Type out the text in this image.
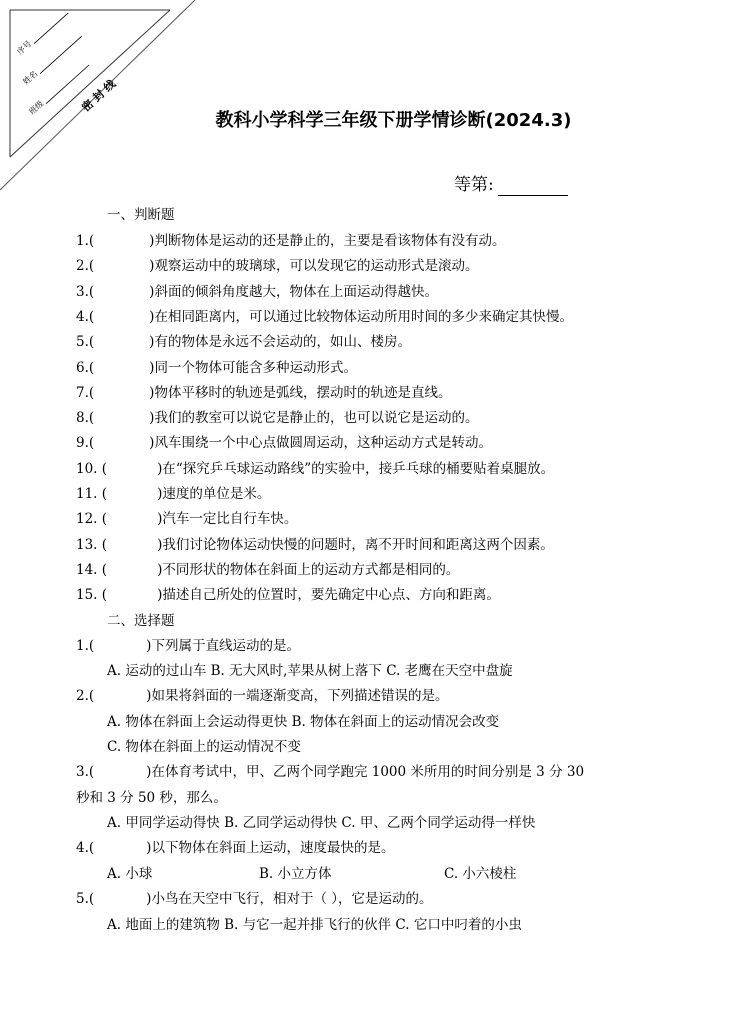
序号
姓名
班级	密 封 线
教科小学科学三年级下册学情诊断(2024.3)
等第:
一、判断题
1.(	)判断物体是运动的还是静止的，主要是看该物体有没有动。
2.(	)观察运动中的玻璃球，可以发现它的运动形式是滚动。
3.(	)斜面的倾斜角度越大，物体在上面运动得越快。
4.(	)在相同距离内，可以通过比较物体运动所用时间的多少来确定其快慢。
5.(	)有的物体是永远不会运动的，如山、楼房。
6.(	)同一个物体可能含多种运动形式。
7.(	)物体平移时的轨迹是弧线，摆动时的轨迹是直线。
8.(	)我们的教室可以说它是静止的，也可以说它是运动的。
9.(	)风车围绕一个中心点做圆周运动，这种运动方式是转动。
10. (	)在“探究乒乓球运动路线”的实验中，接乒乓球的桶要贴着桌腿放。
11. (	)速度的单位是米。
12. (	)汽车一定比自行车快。
13. (	)我们讨论物体运动快慢的问题时，离不开时间和距离这两个因素。
14. (	)不同形状的物体在斜面上的运动方式都是相同的。
15. (	)描述自己所处的位置时，要先确定中心点、方向和距离。
二、选择题
1.(	)下列属于直线运动的是。
A. 运动的过山车 B. 无大风时,苹果从树上落下 C. 老鹰在天空中盘旋
2.(	)如果将斜面的一端逐渐变高，下列描述错误的是。
A. 物体在斜面上会运动得更快 B. 物体在斜面上的运动情况会改变
C. 物体在斜面上的运动情况不变
3.(	)在体育考试中，甲、乙两个同学跑完 1000 米所用的时间分别是 3 分 30
秒和 3 分 50 秒，那么。
A. 甲同学运动得快 B. 乙同学运动得快 C. 甲、乙两个同学运动得一样快
4.(	)以下物体在斜面上运动，速度最快的是。
A. 小球	B. 小立方体	C. 小六棱柱
5.(	)小鸟在天空中飞行，相对于（ ），它是运动的。
A. 地面上的建筑物 B. 与它一起并排飞行的伙伴 C. 它口中叼着的小虫
